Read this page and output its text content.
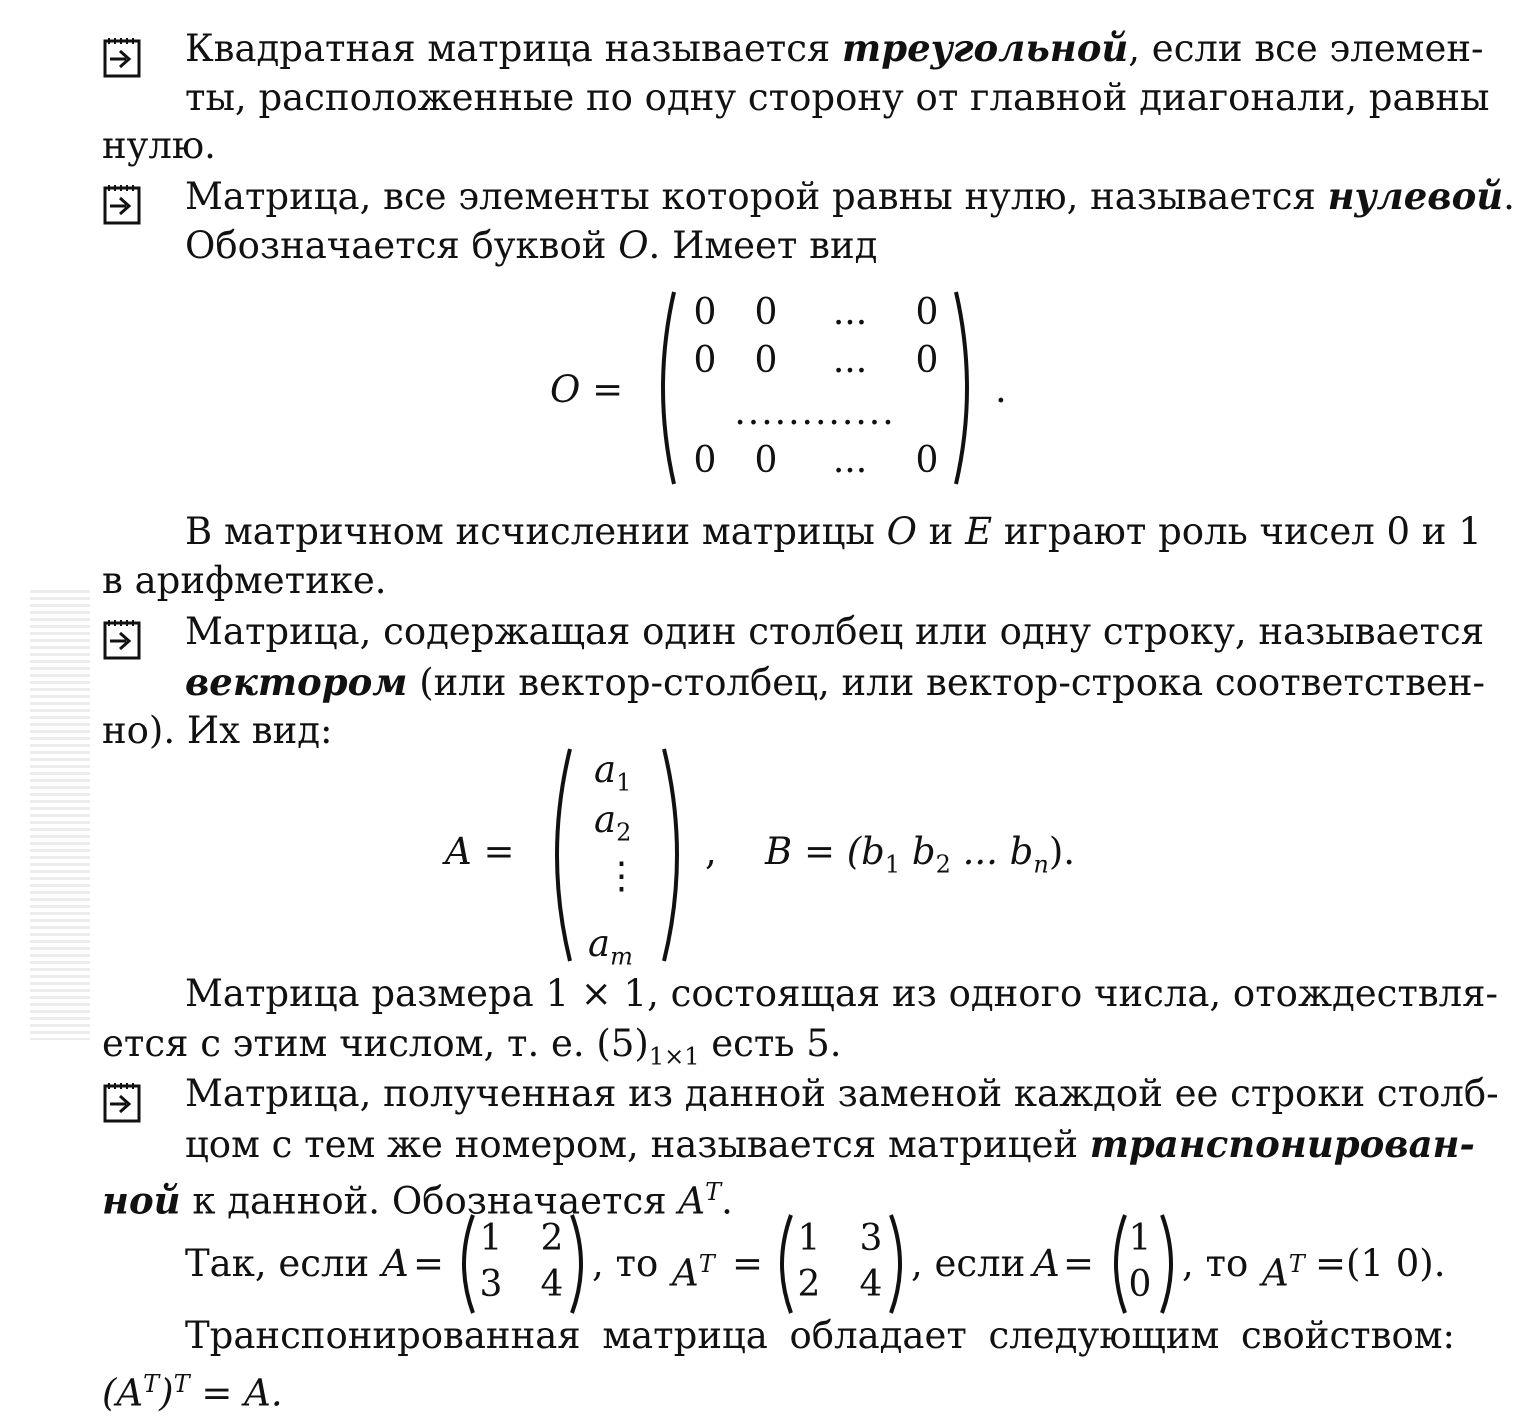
Квадратная матрица называется треугольной, если все элемен-
ты, расположенные по одну сторону от главной диагонали, равны
нулю.
Матрица, все элементы которой равны нулю, называется нулевой.
Обозначается буквой O. Имеет вид
O =
0	0	...	0
0	0	...	0
............
0	0	...	0
.
В матричном исчислении матрицы O и E играют роль чисел 0 и 1
в арифметике.
Матрица, содержащая один столбец или одну строку, называется
вектором (или вектор-столбец, или вектор-строка соответствен-
но). Их вид:
A =
$a_1$
$a_2$
⋮
$a_m$
, $B = (b_1$ $b_2$ ... $b_n$).
Матрица размера 1 × 1, состоящая из одного числа, отождествля-
ется с этим числом, т. е. $(5)_{1\times 1}$ есть 5.
Матрица, полученная из данной заменой каждой ее строки столб-
цом с тем же номером, называется матрицей транспонирован-
ной к данной. Обозначается $A^T$.
Так, если A =
1	2
3	4 , то $A^T$ =
1	3
2	4 , если A =
1
0 , то $A^T =(1$ 0).
Транспонированная матрица обладает следующим свойством:
$(A^T)^T = A$.
